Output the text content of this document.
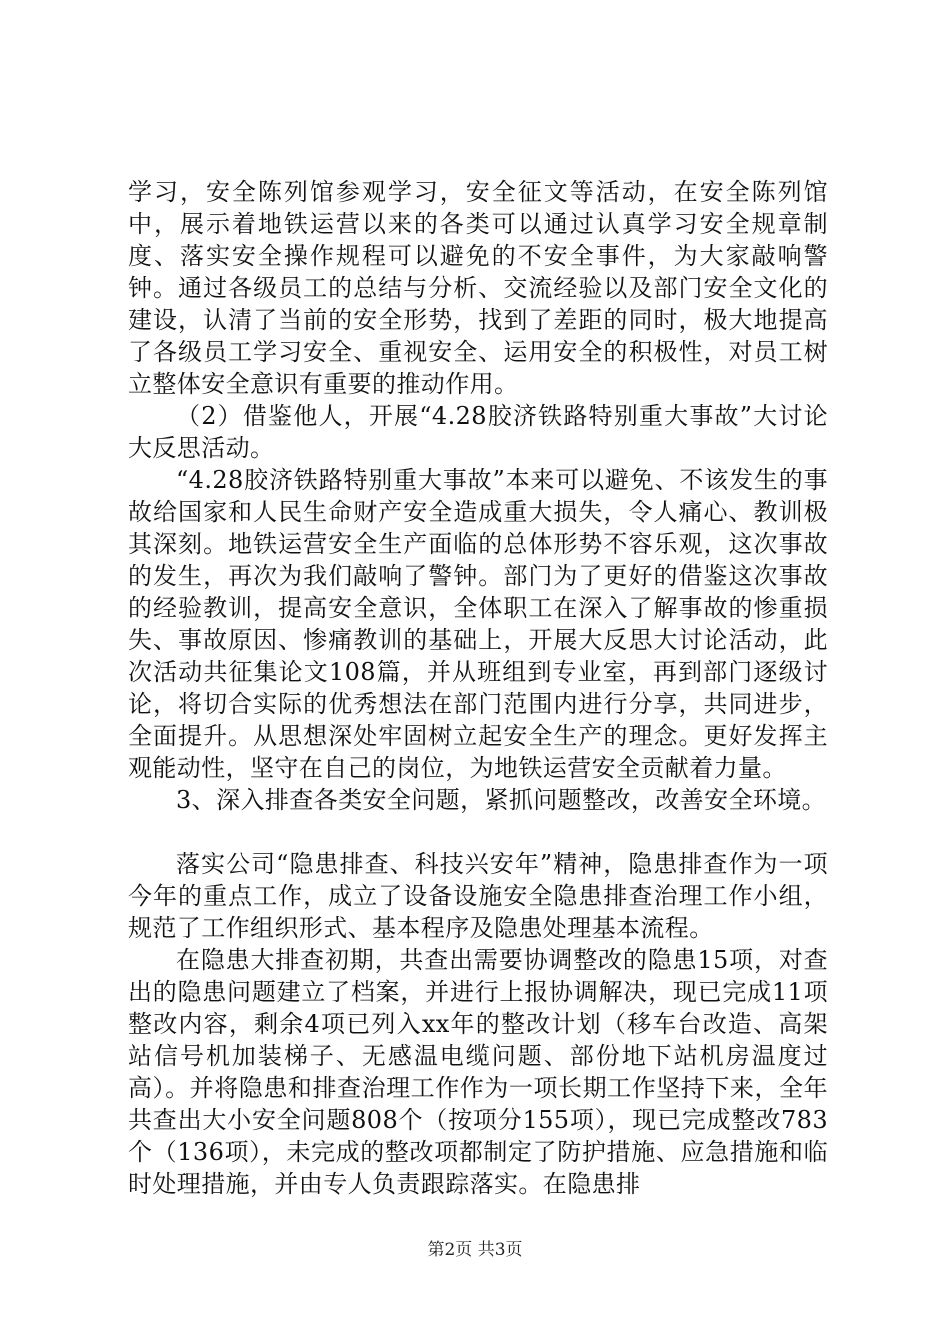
学习，安全陈列馆参观学习，安全征文等活动，在安全陈列馆中，展示着地铁运营以来的各类可以通过认真学习安全规章制度、落实安全操作规程可以避免的不安全事件，为大家敲响警钟。通过各级员工的总结与分析、交流经验以及部门安全文化的建设，认清了当前的安全形势，找到了差距的同时，极大地提高了各级员工学习安全、重视安全、运用安全的积极性，对员工树立整体安全意识有重要的推动作用。

（2）借鉴他人，开展“4.28胶济铁路特别重大事故”大讨论大反思活动。

“4.28胶济铁路特别重大事故”本来可以避免、不该发生的事故给国家和人民生命财产安全造成重大损失，令人痛心、教训极其深刻。地铁运营安全生产面临的总体形势不容乐观，这次事故的发生，再次为我们敲响了警钟。部门为了更好的借鉴这次事故的经验教训，提高安全意识，全体职工在深入了解事故的惨重损失、事故原因、惨痛教训的基础上，开展大反思大讨论活动，此次活动共征集论文108篇，并从班组到专业室，再到部门逐级讨论，将切合实际的优秀想法在部门范围内进行分享，共同进步，全面提升。从思想深处牢固树立起安全生产的理念。更好发挥主观能动性，坚守在自己的岗位，为地铁运营安全贡献着力量。

3、深入排查各类安全问题，紧抓问题整改，改善安全环境。

落实公司“隐患排查、科技兴安年”精神，隐患排查作为一项今年的重点工作，成立了设备设施安全隐患排查治理工作小组，规范了工作组织形式、基本程序及隐患处理基本流程。

在隐患大排查初期，共查出需要协调整改的隐患15项，对查出的隐患问题建立了档案，并进行上报协调解决，现已完成11项整改内容，剩余4项已列入xx年的整改计划（移车台改造、高架站信号机加装梯子、无感温电缆问题、部份地下站机房温度过高）。并将隐患和排查治理工作作为一项长期工作坚持下来，全年共查出大小安全问题808个（按项分155项），现已完成整改783个（136项），未完成的整改项都制定了防护措施、应急措施和临时处理措施，并由专人负责跟踪落实。在隐患排

第2页 共3页
